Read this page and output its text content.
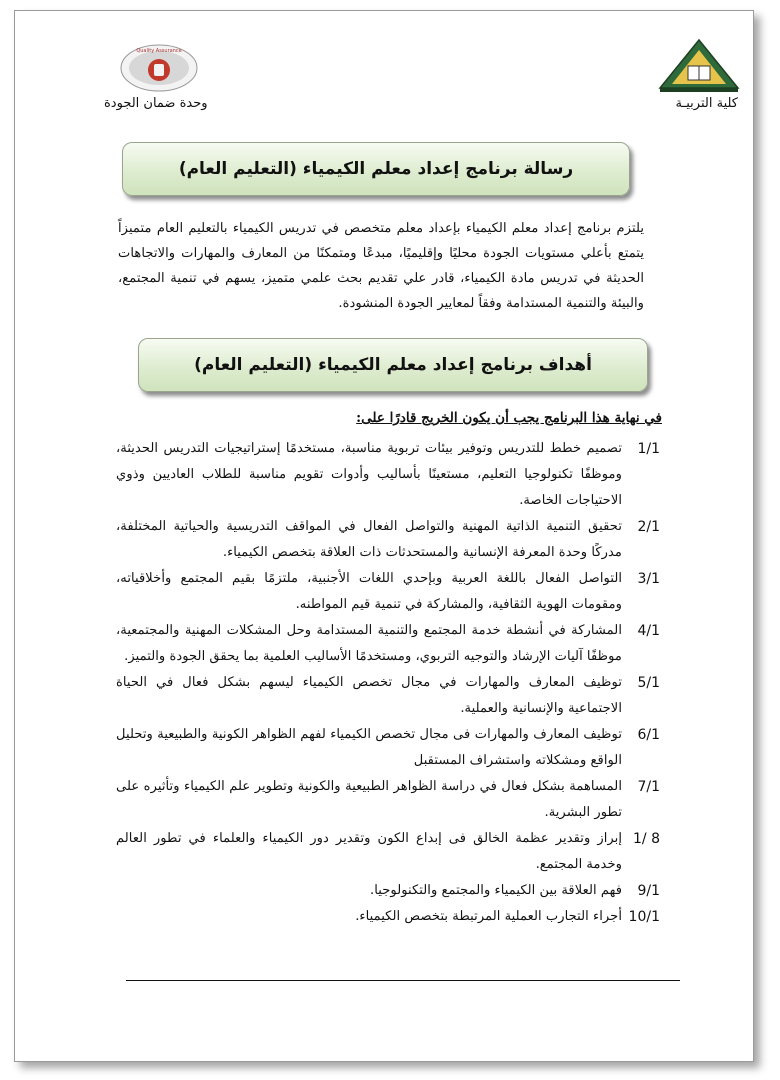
كلية التربيـة
Quality Assurance
وحدة ضمان الجودة
رسالة برنامج إعداد معلم الكيمياء (التعليم العام)
يلتزم برنامج إعداد معلم الكيمياء بإعداد معلم متخصص في تدريس الكيمياء بالتعليم العام متميزاً يتمتع بأعلي مستويات الجودة محليًا وإقليميًا، مبدعًا ومتمكنًا من المعارف والمهارات والاتجاهات الحديثة في تدريس مادة الكيمياء، قادر علي تقديم بحث علمي متميز، يسهم في تنمية المجتمع، والبيئة والتنمية المستدامة وفقاً لمعايير الجودة المنشودة.
أهداف برنامج إعداد معلم الكيمياء (التعليم العام)
في نهاية هذا البرنامج يجب أن يكون الخريج قادرًا على:
1/1
تصميم خطط للتدريس وتوفير بيئات تربوية مناسبة، مستخدمًا إستراتيجيات التدريس الحديثة، وموظفًا تكنولوجيا التعليم، مستعينًا بأساليب وأدوات تقويم مناسبة للطلاب العاديين وذوي الاحتياجات الخاصة.
2/1
تحقيق التنمية الذاتية المهنية والتواصل الفعال في المواقف التدريسية والحياتية المختلفة، مدركًا وحدة المعرفة الإنسانية والمستحدثات ذات العلاقة بتخصص الكيمياء.
3/1
التواصل الفعال باللغة العربية وبإحدي اللغات الأجنبية، ملتزمًا بقيم المجتمع وأخلاقياته، ومقومات الهوية الثقافية، والمشاركة في تنمية قيم المواطنه.
4/1
المشاركة في أنشطة خدمة المجتمع والتنمية المستدامة وحل المشكلات المهنية والمجتمعية، موظفًا آليات الإرشاد والتوجيه التربوي، ومستخدمًا الأساليب العلمية بما يحقق الجودة والتميز.
5/1
توظيف المعارف والمهارات في مجال تخصص الكيمياء ليسهم بشكل فعال في الحياة الاجتماعية والإنسانية والعملية.
6/1
توظيف المعارف والمهارات فى مجال تخصص الكيمياء لفهم الظواهر الكونية والطبيعية وتحليل الواقع ومشكلاته واستشراف المستقبل
7/1
المساهمة بشكل فعال في دراسة الظواهر الطبيعية والكونية وتطوير علم الكيمياء وتأثيره على تطور البشرية.
8 /1
إبراز وتقدير عظمة الخالق فى إبداع الكون وتقدير دور الكيمياء والعلماء في تطور العالم وخدمة المجتمع.
9/1
فهم العلاقة بين الكيمياء والمجتمع والتكنولوجيا.
10/1
أجراء التجارب العملية المرتبطة بتخصص الكيمياء.
